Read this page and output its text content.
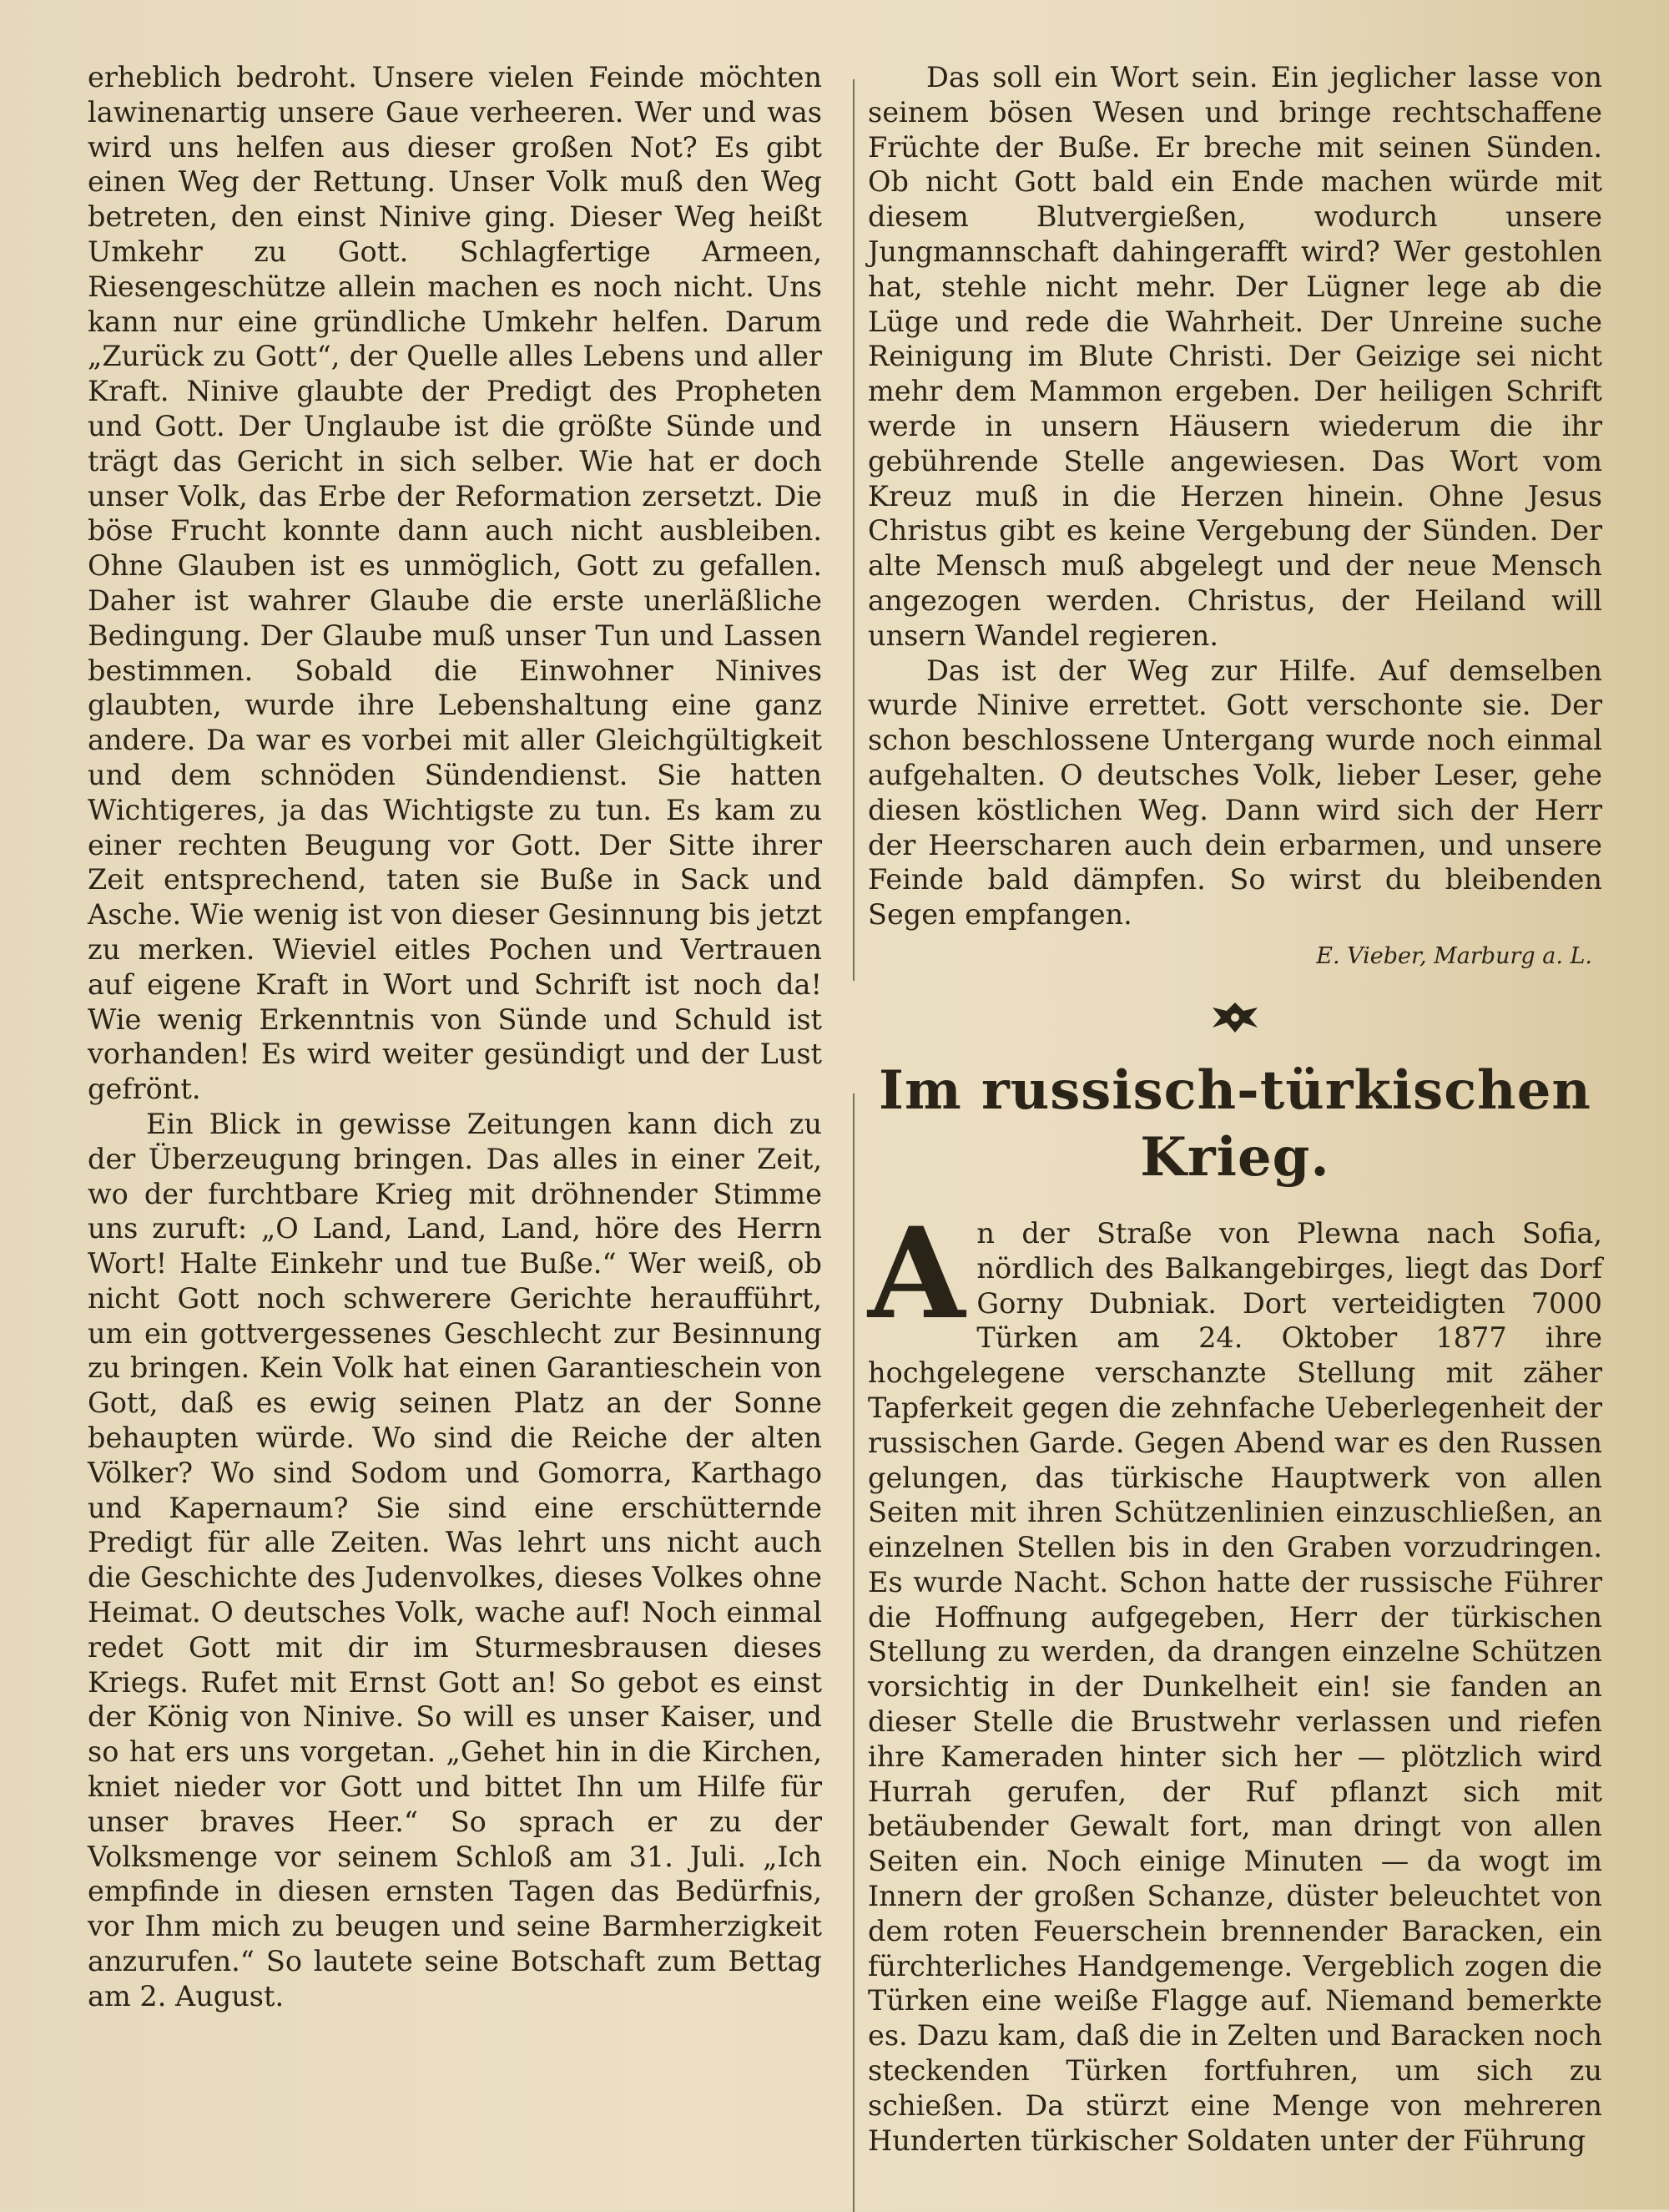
erheblich bedroht. Unsere vielen Feinde möchten lawinenartig unsere Gaue verheeren. Wer und was wird uns helfen aus dieser großen Not? Es gibt einen Weg der Rettung. Unser Volk muß den Weg betreten, den einst Ninive ging. Dieser Weg heißt Umkehr zu Gott. Schlagfertige Armeen, Riesengeschütze allein machen es noch nicht. Uns kann nur eine gründliche Umkehr helfen. Darum „Zurück zu Gott“, der Quelle alles Lebens und aller Kraft. Ninive glaubte der Predigt des Propheten und Gott. Der Unglaube ist die größte Sünde und trägt das Gericht in sich selber. Wie hat er doch unser Volk, das Erbe der Reformation zersetzt. Die böse Frucht konnte dann auch nicht ausbleiben. Ohne Glauben ist es unmöglich, Gott zu gefallen. Daher ist wahrer Glaube die erste unerläßliche Bedingung. Der Glaube muß unser Tun und Lassen bestimmen. Sobald die Einwohner Ninives glaubten, wurde ihre Lebenshaltung eine ganz andere. Da war es vorbei mit aller Gleichgültigkeit und dem schnöden Sündendienst. Sie hatten Wichtigeres, ja das Wichtigste zu tun. Es kam zu einer rechten Beugung vor Gott. Der Sitte ihrer Zeit entsprechend, taten sie Buße in Sack und Asche. Wie wenig ist von dieser Gesinnung bis jetzt zu merken. Wieviel eitles Pochen und Vertrauen auf eigene Kraft in Wort und Schrift ist noch da! Wie wenig Erkenntnis von Sünde und Schuld ist vorhanden! Es wird weiter gesündigt und der Lust gefrönt.

Ein Blick in gewisse Zeitungen kann dich zu der Überzeugung bringen. Das alles in einer Zeit, wo der furchtbare Krieg mit dröhnender Stimme uns zuruft: „O Land, Land, Land, höre des Herrn Wort! Halte Einkehr und tue Buße.“ Wer weiß, ob nicht Gott noch schwerere Gerichte heraufführt, um ein gottvergessenes Geschlecht zur Besinnung zu bringen. Kein Volk hat einen Garantieschein von Gott, daß es ewig seinen Platz an der Sonne behaupten würde. Wo sind die Reiche der alten Völker? Wo sind Sodom und Gomorra, Karthago und Kapernaum? Sie sind eine erschütternde Predigt für alle Zeiten. Was lehrt uns nicht auch die Geschichte des Judenvolkes, dieses Volkes ohne Heimat. O deutsches Volk, wache auf! Noch einmal redet Gott mit dir im Sturmesbrausen dieses Kriegs. Rufet mit Ernst Gott an! So gebot es einst der König von Ninive. So will es unser Kaiser, und so hat ers uns vorgetan. „Gehet hin in die Kirchen, kniet nieder vor Gott und bittet Ihn um Hilfe für unser braves Heer.“ So sprach er zu der Volksmenge vor seinem Schloß am 31. Juli. „Ich empfinde in diesen ernsten Tagen das Bedürfnis, vor Ihm mich zu beugen und seine Barmherzigkeit anzurufen.“ So lautete seine Botschaft zum Bettag am 2. August.

Das soll ein Wort sein. Ein jeglicher lasse von seinem bösen Wesen und bringe rechtschaffene Früchte der Buße. Er breche mit seinen Sünden. Ob nicht Gott bald ein Ende machen würde mit diesem Blutvergießen, wodurch unsere Jungmannschaft dahingerafft wird? Wer gestohlen hat, stehle nicht mehr. Der Lügner lege ab die Lüge und rede die Wahrheit. Der Unreine suche Reinigung im Blute Christi. Der Geizige sei nicht mehr dem Mammon ergeben. Der heiligen Schrift werde in unsern Häusern wiederum die ihr gebührende Stelle angewiesen. Das Wort vom Kreuz muß in die Herzen hinein. Ohne Jesus Christus gibt es keine Vergebung der Sünden. Der alte Mensch muß abgelegt und der neue Mensch angezogen werden. Christus, der Heiland will unsern Wandel regieren.

Das ist der Weg zur Hilfe. Auf demselben wurde Ninive errettet. Gott verschonte sie. Der schon beschlossene Untergang wurde noch einmal aufgehalten. O deutsches Volk, lieber Leser, gehe diesen köstlichen Weg. Dann wird sich der Herr der Heerscharen auch dein erbarmen, und unsere Feinde bald dämpfen. So wirst du bleibenden Segen empfangen.

E. Vieber, Marburg a. L.
Im russisch-türkischen Krieg.
A n der Straße von Plewna nach Sofia, nördlich des Balkangebirges, liegt das Dorf Gorny Dubniak. Dort verteidigten 7000 Türken am 24. Oktober 1877 ihre hochgelegene verschanzte Stellung mit zäher Tapferkeit gegen die zehnfache Ueberlegenheit der russischen Garde. Gegen Abend war es den Russen gelungen, das türkische Hauptwerk von allen Seiten mit ihren Schützenlinien einzuschließen, an einzelnen Stellen bis in den Graben vorzudringen. Es wurde Nacht. Schon hatte der russische Führer die Hoffnung aufgegeben, Herr der türkischen Stellung zu werden, da drangen einzelne Schützen vorsichtig in der Dunkelheit ein! sie fanden an dieser Stelle die Brustwehr verlassen und riefen ihre Kameraden hinter sich her — plötzlich wird Hurrah gerufen, der Ruf pflanzt sich mit betäubender Gewalt fort, man dringt von allen Seiten ein. Noch einige Minuten — da wogt im Innern der großen Schanze, düster beleuchtet von dem roten Feuerschein brennender Baracken, ein fürchterliches Handgemenge. Vergeblich zogen die Türken eine weiße Flagge auf. Niemand bemerkte es. Dazu kam, daß die in Zelten und Baracken noch steckenden Türken fortfuhren, um sich zu schießen. Da stürzt eine Menge von mehreren Hunderten türkischer Soldaten unter der Führung
